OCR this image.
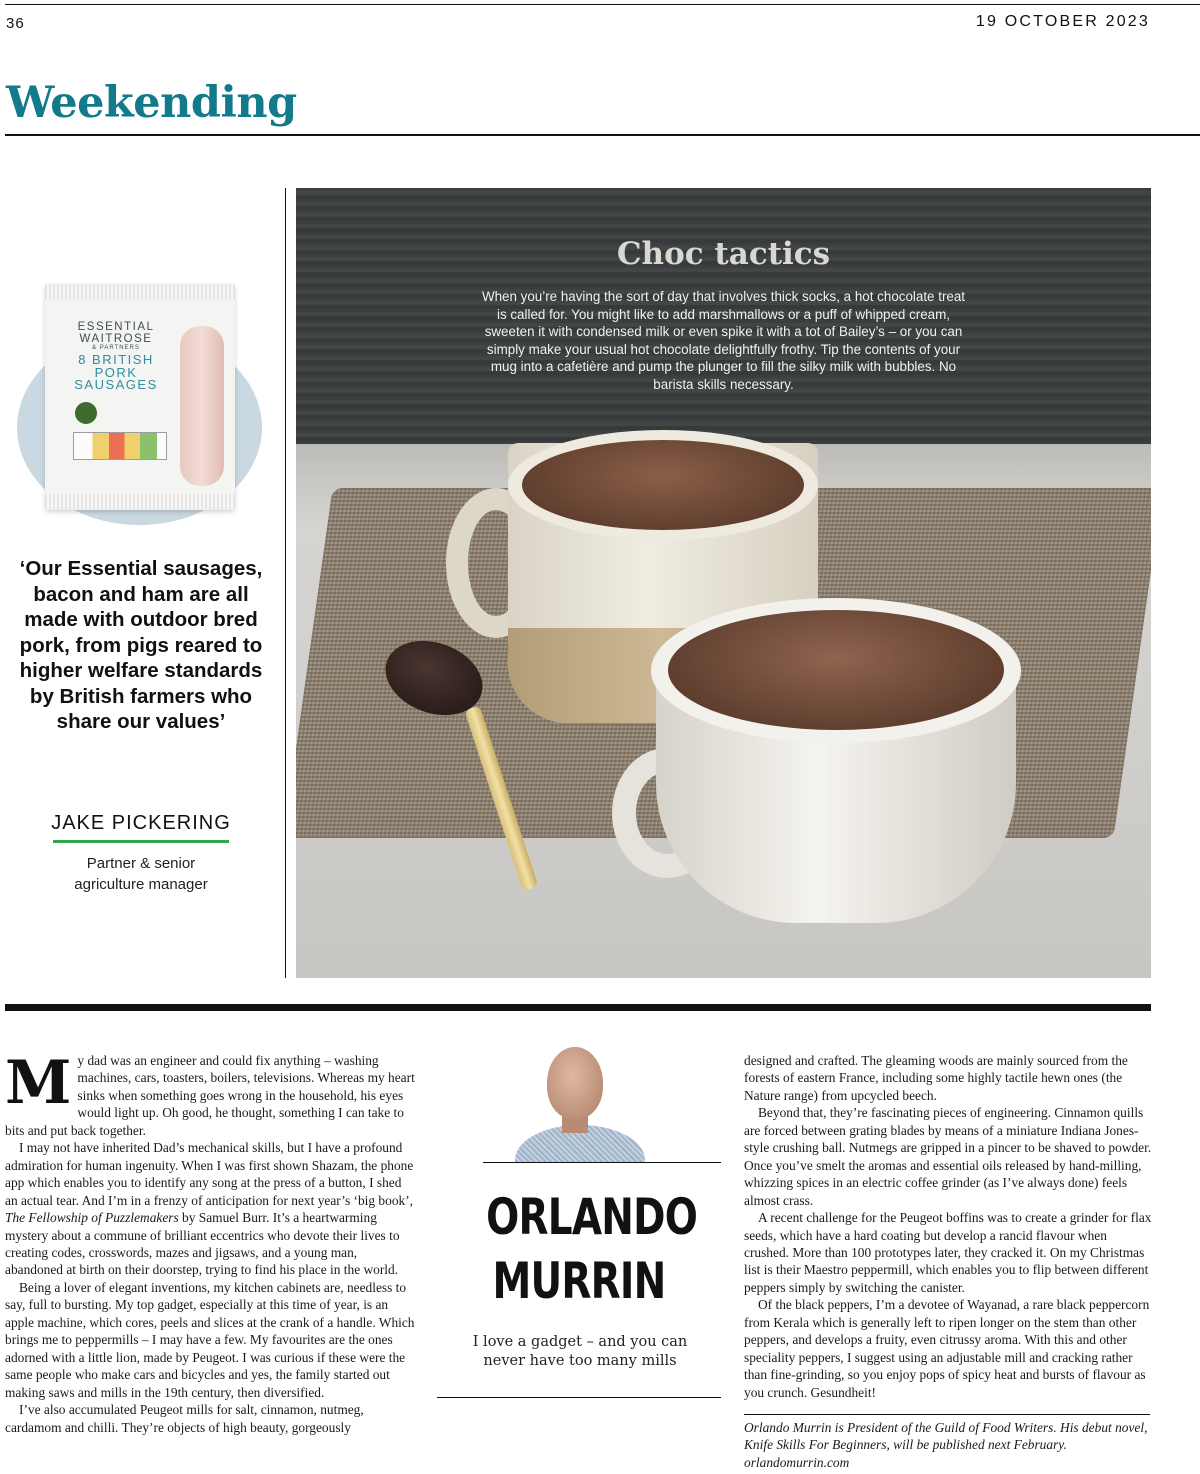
36	19 OCTOBER 2023
Weekending
ESSENTIAL WAITROSE
& PARTNERS
8 BRITISH
PORK
SAUSAGES
‘Our Essential sausages, bacon and ham are all made with outdoor bred pork, from pigs reared to higher welfare standards by British farmers who share our values’
JAKE PICKERING
Partner & senior
agriculture manager
Choc tactics
When you’re having the sort of day that involves thick socks, a hot chocolate treat is called for. You might like to add marshmallows or a puff of whipped cream, sweeten it with condensed milk or even spike it with a tot of Bailey’s – or you can simply make your usual hot chocolate delightfully frothy. Tip the contents of your mug into a cafetière and pump the plunger to fill the silky milk with bubbles. No barista skills necessary.

My dad was an engineer and could fix anything – washing machines, cars, toasters, boilers, televisions. Whereas my heart sinks when something goes wrong in the household, his eyes would light up. Oh good, he thought, something I can take to bits and put back together.

I may not have inherited Dad’s mechanical skills, but I have a profound admiration for human ingenuity. When I was first shown Shazam, the phone app which enables you to identify any song at the press of a button, I shed an actual tear. And I’m in a frenzy of anticipation for next year’s ‘big book’, The Fellowship of Puzzlemakers by Samuel Burr. It’s a heartwarming mystery about a commune of brilliant eccentrics who devote their lives to creating codes, crosswords, mazes and jigsaws, and a young man, abandoned at birth on their doorstep, trying to find his place in the world.

Being a lover of elegant inventions, my kitchen cabinets are, needless to say, full to bursting. My top gadget, especially at this time of year, is an apple machine, which cores, peels and slices at the crank of a handle. Which brings me to peppermills – I may have a few. My favourites are the ones adorned with a little lion, made by Peugeot. I was curious if these were the same people who make cars and bicycles and yes, the family started out making saws and mills in the 19th century, then diversified.

I’ve also accumulated Peugeot mills for salt, cinnamon, nutmeg, cardamom and chilli. They’re objects of high beauty, gorgeously

ORLANDO
MURRIN
I love a gadget – and you can never have too many mills

designed and crafted. The gleaming woods are mainly sourced from the forests of eastern France, including some highly tactile hewn ones (the Nature range) from upcycled beech.

Beyond that, they’re fascinating pieces of engineering. Cinnamon quills are forced between grating blades by means of a miniature Indiana Jones-style crushing ball. Nutmegs are gripped in a pincer to be shaved to powder. Once you’ve smelt the aromas and essential oils released by hand-milling, whizzing spices in an electric coffee grinder (as I’ve always done) feels almost crass.

A recent challenge for the Peugeot boffins was to create a grinder for flax seeds, which have a hard coating but develop a rancid flavour when crushed. More than 100 prototypes later, they cracked it. On my Christmas list is their Maestro peppermill, which enables you to flip between different peppers simply by switching the canister.

Of the black peppers, I’m a devotee of Wayanad, a rare black peppercorn from Kerala which is generally left to ripen longer on the stem than other peppers, and develops a fruity, even citrussy aroma. With this and other speciality peppers, I suggest using an adjustable mill and cracking rather than fine-grinding, so you enjoy pops of spicy heat and bursts of flavour as you crunch. Gesundheit!

Orlando Murrin is President of the Guild of Food Writers. His debut novel, Knife Skills For Beginners, will be published next February. orlandomurrin.com
